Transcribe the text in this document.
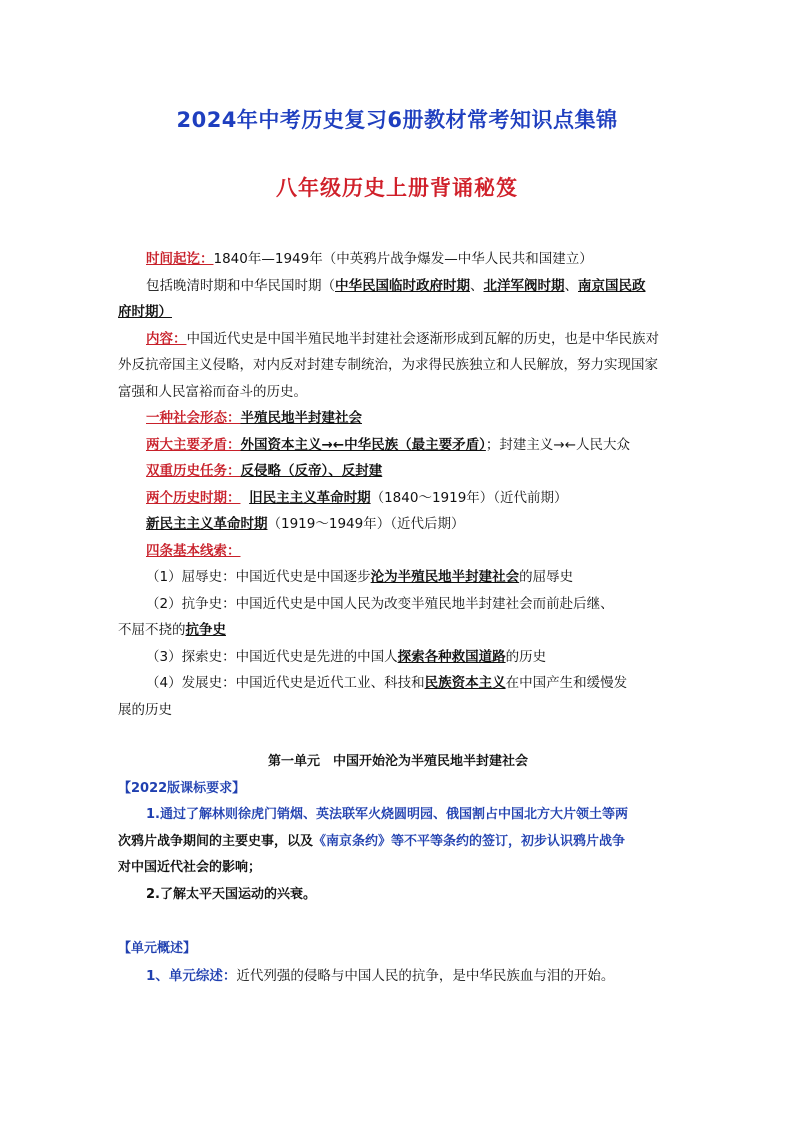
2024年中考历史复习6册教材常考知识点集锦
八年级历史上册背诵秘笈
时间起讫：1840年—1949年（中英鸦片战争爆发—中华人民共和国建立）
包括晚清时期和中华民国时期（中华民国临时政府时期、北洋军阀时期、南京国民政
府时期）
内容：中国近代史是中国半殖民地半封建社会逐渐形成到瓦解的历史，也是中华民族对
外反抗帝国主义侵略，对内反对封建专制统治，为求得民族独立和人民解放，努力实现国家
富强和人民富裕而奋斗的历史。
一种社会形态：半殖民地半封建社会
两大主要矛盾：外国资本主义→←中华民族（最主要矛盾）；封建主义→←人民大众
双重历史任务：反侵略（反帝）、反封建
两个历史时期： 旧民主主义革命时期（1840～1919年）（近代前期）
新民主主义革命时期（1919～1949年）（近代后期）
四条基本线索：
（1）屈辱史：中国近代史是中国逐步沦为半殖民地半封建社会的屈辱史
（2）抗争史：中国近代史是中国人民为改变半殖民地半封建社会而前赴后继、
不屈不挠的抗争史
（3）探索史：中国近代史是先进的中国人探索各种救国道路的历史
（4）发展史：中国近代史是近代工业、科技和民族资本主义在中国产生和缓慢发
展的历史
第一单元　中国开始沦为半殖民地半封建社会
【2022版课标要求】
1.通过了解林则徐虎门销烟、英法联军火烧圆明园、俄国割占中国北方大片领土等两
次鸦片战争期间的主要史事，以及《南京条约》等不平等条约的签订，初步认识鸦片战争
对中国近代社会的影响；
2.了解太平天国运动的兴衰。
【单元概述】
1、单元综述：近代列强的侵略与中国人民的抗争，是中华民族血与泪的开始。
